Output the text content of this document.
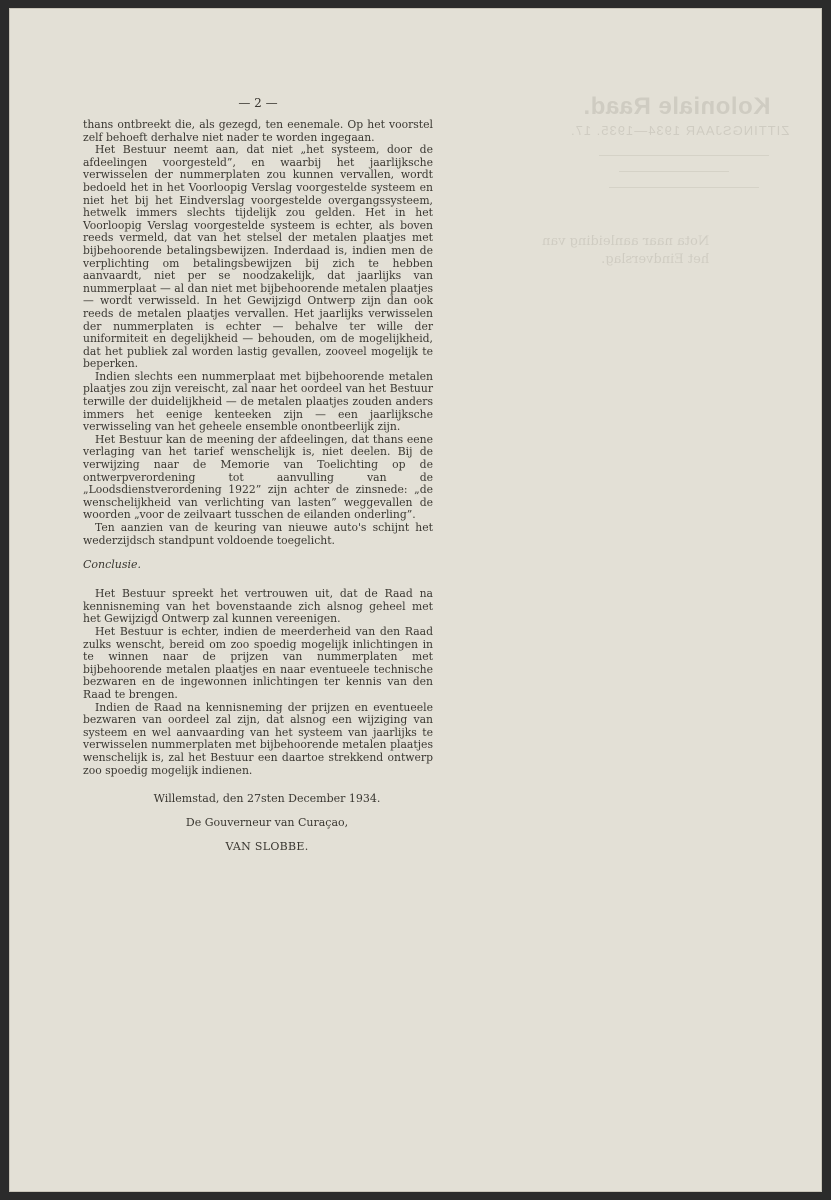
Koloniale Raad.
ZITTINGSJAAR 1934—1935. 17.
Nota naar aanleiding van
het Eindverslag.
— 2 —

thans ontbreekt die, als gezegd, ten eenemale. Op het voorstel zelf behoeft derhalve niet nader te worden ingegaan.

Het Bestuur neemt aan, dat niet „het systeem, door de afdeelingen voorgesteld”, en waarbij het jaarlijksche verwisselen der nummerplaten zou kunnen vervallen, wordt bedoeld het in het Voorloopig Verslag voorgestelde systeem en niet het bij het Eindverslag voorgestelde overgangssysteem, hetwelk immers slechts tijdelijk zou gelden. Het in het Voorloopig Verslag voorgestelde systeem is echter, als boven reeds vermeld, dat van het stelsel der metalen plaatjes met bijbehoorende betalingsbewijzen. Inderdaad is, indien men de verplichting om betalingsbewijzen bij zich te hebben aanvaardt, niet per se noodzakelijk, dat jaarlijks van nummerplaat — al dan niet met bijbehoorende metalen plaatjes — wordt verwisseld. In het Gewijzigd Ontwerp zijn dan ook reeds de metalen plaatjes vervallen. Het jaarlijks verwisselen der nummerplaten is echter — behalve ter wille der uniformiteit en degelijkheid — behouden, om de mogelijkheid, dat het publiek zal worden lastig gevallen, zooveel mogelijk te beperken.

Indien slechts een nummerplaat met bijbehoorende metalen plaatjes zou zijn vereischt, zal naar het oordeel van het Bestuur terwille der duidelijkheid — de metalen plaatjes zouden anders immers het eenige kenteeken zijn — een jaarlijksche verwisseling van het geheele ensemble onontbeerlijk zijn.

Het Bestuur kan de meening der afdeelingen, dat thans eene verlaging van het tarief wenschelijk is, niet deelen. Bij de verwijzing naar de Memorie van Toelichting op de ontwerpverordening tot aanvulling van de „Loodsdienstverordening 1922” zijn achter de zinsnede: „de wenschelijkheid van verlichting van lasten” weggevallen de woorden „voor de zeilvaart tusschen de eilanden onderling”.

Ten aanzien van de keuring van nieuwe auto's schijnt het wederzijdsch standpunt voldoende toegelicht.

Conclusie.

Het Bestuur spreekt het vertrouwen uit, dat de Raad na kennisneming van het bovenstaande zich alsnog geheel met het Gewijzigd Ontwerp zal kunnen vereenigen.

Het Bestuur is echter, indien de meerderheid van den Raad zulks wenscht, bereid om zoo spoedig mogelijk inlichtingen in te winnen naar de prijzen van nummerplaten met bijbehoorende metalen plaatjes en naar eventueele technische bezwaren en de ingewonnen inlichtingen ter kennis van den Raad te brengen.

Indien de Raad na kennisneming der prijzen en eventueele bezwaren van oordeel zal zijn, dat alsnog een wijziging van systeem en wel aanvaarding van het systeem van jaarlijks te verwisselen nummerplaten met bijbehoorende metalen plaatjes wenschelijk is, zal het Bestuur een daartoe strekkend ontwerp zoo spoedig mogelijk indienen.

Willemstad, den 27sten December 1934.
De Gouverneur van Curaçao,
VAN SLOBBE.
